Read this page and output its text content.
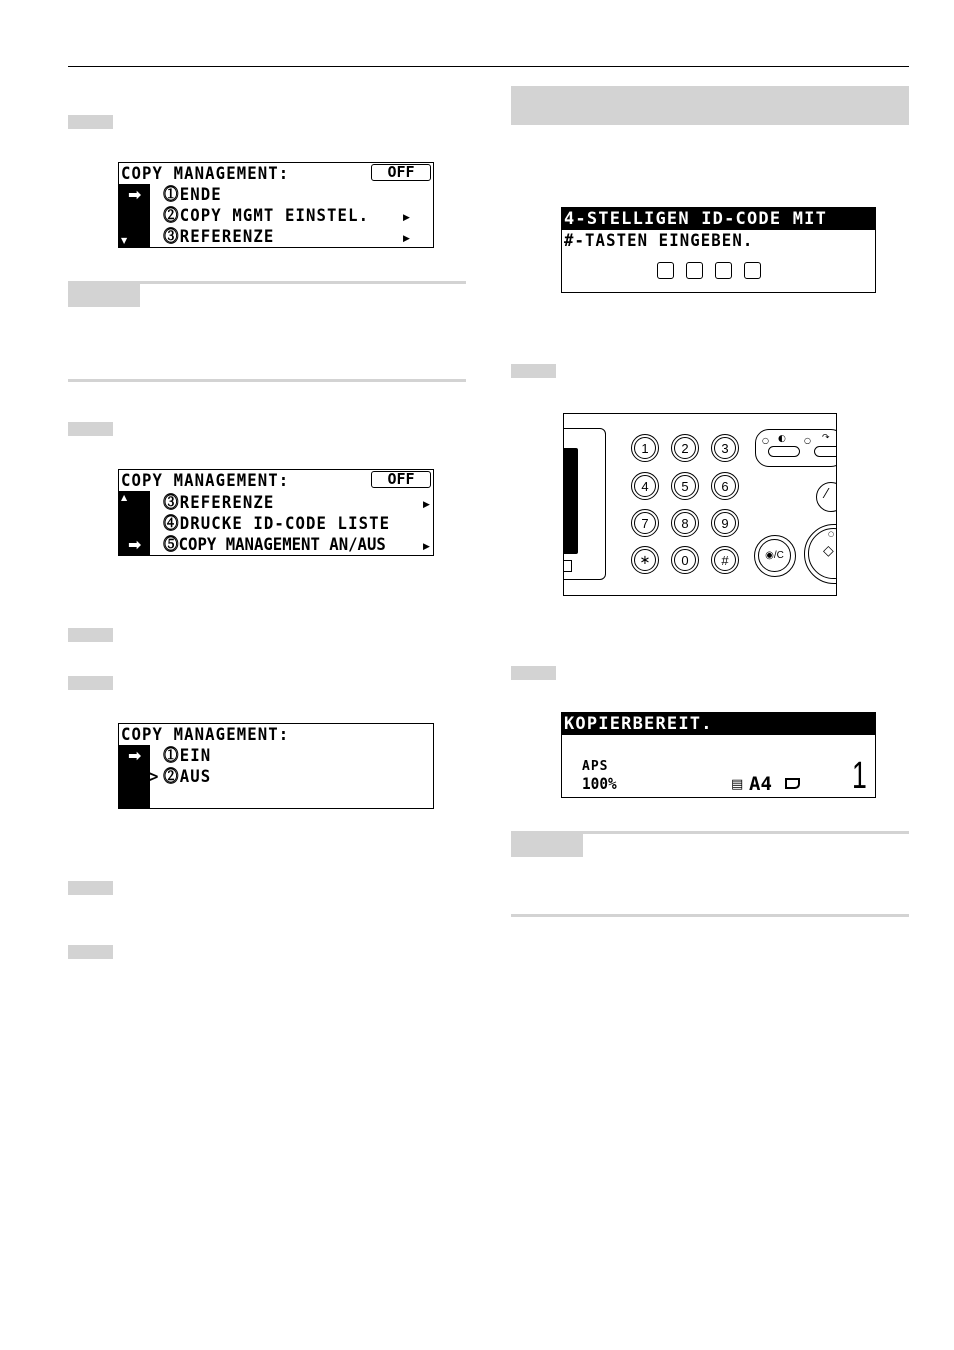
COPY MANAGEMENT:	OFF
➡
▼
⓵ENDE
⓶COPY MGMT EINSTEL.
⓷REFERENZE
▶
▶
COPY MANAGEMENT:	OFF
▲
➡
⓷REFERENZE
⓸DRUCKE ID-CODE LISTE
⓹COPY MANAGEMENT AN/AUS
▶
▶
COPY MANAGEMENT:
➡
>
⓵EIN
⓶AUS
4-STELLIGEN ID-CODE MIT
#-TASTEN EINGEBEN.
1	2	3
4	5	6
7	8	9
∗	0	#	◉/C	◇
○ ◐ ○ ↷
⁄
○
KOPIERBEREIT.
APS
100%	▤ A4 1
